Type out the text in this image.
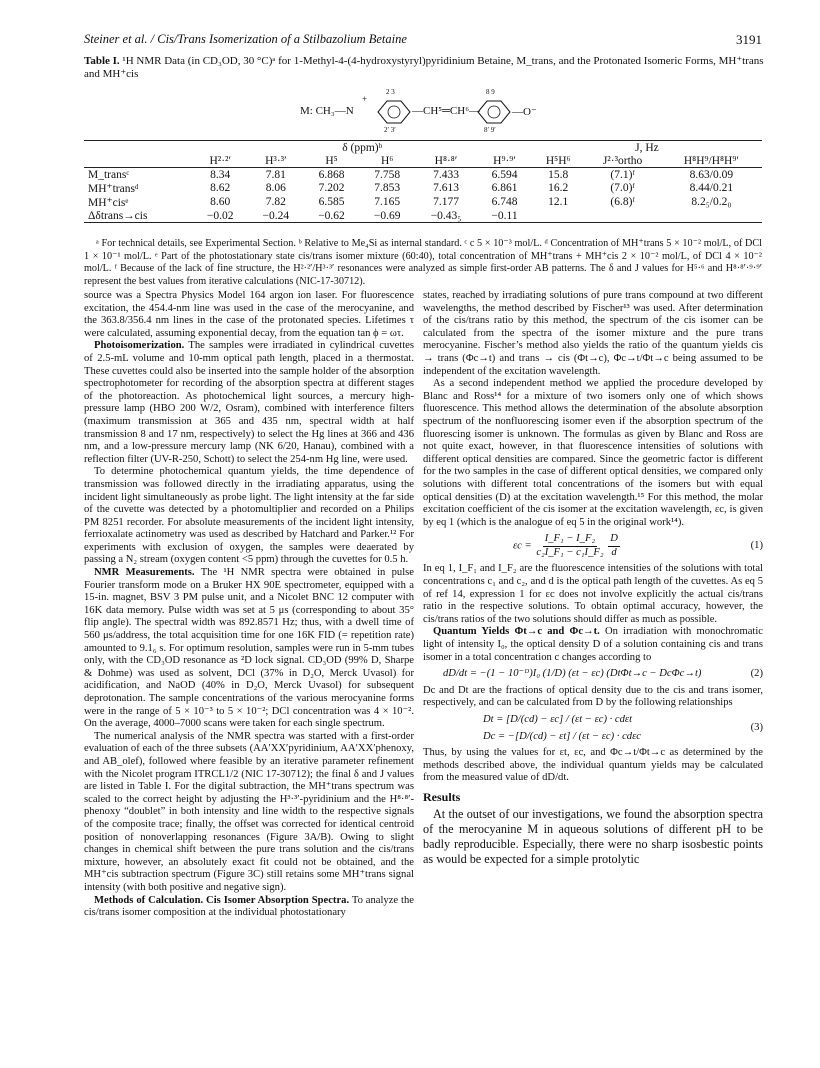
Steiner et al. / Cis/Trans Isomerization of a Stilbazolium Betaine	3191
Table I. ¹H NMR Data (in CD₃OD, 30 °C)ᵃ for 1-Methyl-4-(4-hydroxystyryl)pyridinium Betaine, M_trans, and the Protonated Isomeric Forms, MH⁺trans and MH⁺cis
M: CH₃—N
+
—CH⁵═CH⁶—	—O⁻
2 3
2′ 3′
8 9
8′ 9′
	δ (ppm)ᵇ						J, Hz		
	H²·²′	H³·³′	H⁵	H⁶	H⁸·⁸′	H⁹·⁹′	H⁵H⁶	J²·³ortho	H⁸H⁹/H⁸H⁹′
M_transᶜ	8.34	7.81	6.868	7.758	7.433	6.594	15.8	(7.1)ᶠ	8.63/0.09
MH⁺transᵈ	8.62	8.06	7.202	7.853	7.613	6.861	16.2	(7.0)ᶠ	8.44/0.21
MH⁺cisᵉ	8.60	7.82	6.585	7.165	7.177	6.748	12.1	(6.8)ᶠ	8.2₅/0.2₀
Δδtrans→cis	−0.02	−0.24	−0.62	−0.69	−0.43₅	−0.11			
ᵃ For technical details, see Experimental Section. ᵇ Relative to Me₄Si as internal standard. ᶜ c 5 × 10⁻³ mol/L. ᵈ Concentration of MH⁺trans 5 × 10⁻² mol/L, of DCl 1 × 10⁻¹ mol/L. ᵉ Part of the photostationary state cis/trans isomer mixture (60:40), total concentration of MH⁺trans + MH⁺cis 2 × 10⁻² mol/L, of DCl 4 × 10⁻² mol/L. ᶠ Because of the lack of fine structure, the H²·²′/H³·³′ resonances were analyzed as simple first-order AB patterns. The δ and J values for H⁵·⁶ and H⁸·⁸′·⁹·⁹′ represent the best values from iterative calculations (NIC-17-30712).

source was a Spectra Physics Model 164 argon ion laser. For fluorescence excitation, the 454.4-nm line was used in the case of the merocyanine, and the 363.8/356.4 nm lines in the case of the protonated species. Lifetimes τ were calculated, assuming exponential decay, from the equation tan ϕ = ωτ.

Photoisomerization. The samples were irradiated in cylindrical cuvettes of 2.5-mL volume and 10-mm optical path length, placed in a thermostat. These cuvettes could also be inserted into the sample holder of the absorption spectrophotometer for recording of the absorption spectra at different stages of the photoreaction. As photochemical light sources, a mercury high-pressure lamp (HBO 200 W/2, Osram), combined with interference filters (maximum transmission at 365 and 435 nm, spectral width at half transmission 8 and 17 nm, respectively) to select the Hg lines at 366 and 436 nm, and a low-pressure mercury lamp (NK 6/20, Hanau), combined with a reflection filter (UV-R-250, Schott) to select the 254-nm Hg line, were used.

To determine photochemical quantum yields, the time dependence of transmission was followed directly in the irradiating apparatus, using the incident light simultaneously as probe light. The light intensity at the far side of the cuvette was detected by a photomultiplier and recorded on a Philips PM 8251 recorder. For absolute measurements of the incident light intensity, ferrioxalate actinometry was used as described by Hatchard and Parker.¹² For experiments with exclusion of oxygen, the samples were deaerated by passing a N₂ stream (oxygen content <5 ppm) through the cuvettes for 0.5 h.

NMR Measurements. The ¹H NMR spectra were obtained in pulse Fourier transform mode on a Bruker HX 90E spectrometer, equipped with a 15-in. magnet, BSV 3 PM pulse unit, and a Nicolet BNC 12 computer with 16K data memory. Pulse width was set at 5 μs (corresponding to about 35° flip angle). The spectral width was 892.8571 Hz; thus, with a dwell time of 560 μs/address, the total acquisition time for one 16K FID (= repetition rate) amounted to 9.1₆ s. For optimum resolution, samples were run in 5-mm tubes only, with the CD₃OD resonance as ²D lock signal. CD₃OD (99% D, Sharpe & Dohme) was used as solvent, DCl (37% in D₂O, Merck Uvasol) for acidification, and NaOD (40% in D₂O, Merck Uvasol) for subsequent deprotonation. The sample concentrations of the various merocyanine forms were in the range of 5 × 10⁻³ to 5 × 10⁻²; DCl concentration was 4 × 10⁻². On the average, 4000–7000 scans were taken for each single spectrum.

The numerical analysis of the NMR spectra was started with a first-order evaluation of each of the three subsets (AA′XX′pyridinium, AA′XX′phenoxy, and AB_olef), followed where feasible by an iterative parameter refinement with the Nicolet program ITRCL1/2 (NIC 17-30712); the final δ and J values are listed in Table I. For the digital subtraction, the MH⁺trans spectrum was scaled to the correct height by adjusting the H³·³′-pyridinium and the H⁸·⁸′-phenoxy “doublet” in both intensity and line width to the respective signals of the composite trace; finally, the offset was corrected for identical centroid position of nonoverlapping resonances (Figure 3A/B). Owing to slight changes in chemical shift between the pure trans solution and the cis/trans mixture, however, an absolutely exact fit could not be obtained, and the MH⁺cis subtraction spectrum (Figure 3C) still retains some MH⁺trans signal intensity (with both positive and negative sign).

Methods of Calculation. Cis Isomer Absorption Spectra. To analyze the cis/trans isomer composition at the individual photostationary

states, reached by irradiating solutions of pure trans compound at two different wavelengths, the method described by Fischer¹³ was used. After determination of the cis/trans ratio by this method, the spectrum of the cis isomer can be calculated from the spectra of the isomer mixture and the pure trans merocyanine. Fischer’s method also yields the ratio of the quantum yields cis → trans (Φc→t) and trans → cis (Φt→c), Φc→t/Φt→c being assumed to be independent of the excitation wavelength.

As a second independent method we applied the procedure developed by Blanc and Ross¹⁴ for a mixture of two isomers only one of which shows fluorescence. This method allows the determination of the absolute absorption spectrum of the nonfluorescing isomer even if the absorption spectrum of the fluorescing isomer is unknown. The formulas as given by Blanc and Ross are not quite exact, however, in that fluorescence intensities of solutions with different optical densities are compared. Since the geometric factor is different for the two samples in the case of different optical densities, we compared only solutions with different total concentrations of the isomers but with equal optical densities (D) at the excitation wavelength.¹⁵ For this method, the molar excitation coefficient of the cis isomer at the excitation wavelength, εc, is given by eq 1 (which is the analogue of eq 5 in the original work¹⁴).

$\varepsilon c = \frac{\text{I\_F₁ − I\_F₂}}{\text{c₂I\_F₁ − c₁I\_F₂}}$
$\frac{D}{d}$	(1)

In eq 1, I_F₁ and I_F₂ are the fluorescence intensities of the solutions with total concentrations c₁ and c₂, and d is the optical path length of the cuvettes. As eq 5 of ref 14, expression 1 for εc does not involve explicitly the actual cis/trans ratio in the respective solutions. To obtain optimal accuracy, however, the cis/trans ratios of the two solutions should differ as much as possible.

Quantum Yields Φt→c and Φc→t. On irradiation with monochromatic light of intensity I₀, the optical density D of a solution containing cis and trans isomer in a total concentration c changes according to

dD/dt = −(1 − 10⁻ᴰ)I₀ (1/D) (εt − εc) (DtΦt→c − DcΦc→t)	(2)

Dc and Dt are the fractions of optical density due to the cis and trans isomer, respectively, and can be calculated from D by the following relationships

Dt = [D/(cd) − εc] / (εt − εc) · cdεt
Dc = −[D/(cd) − εt] / (εt − εc) · cdεc
(3)

Thus, by using the values for εt, εc, and Φc→t/Φt→c as determined by the methods described above, the individual quantum yields may be calculated from the measured value of dD/dt.

Results

At the outset of our investigations, we found the absorption spectra of the merocyanine M in aqueous solutions of different pH to be badly reproducible. Especially, there were no sharp isosbestic points as would be expected for a simple protolytic
